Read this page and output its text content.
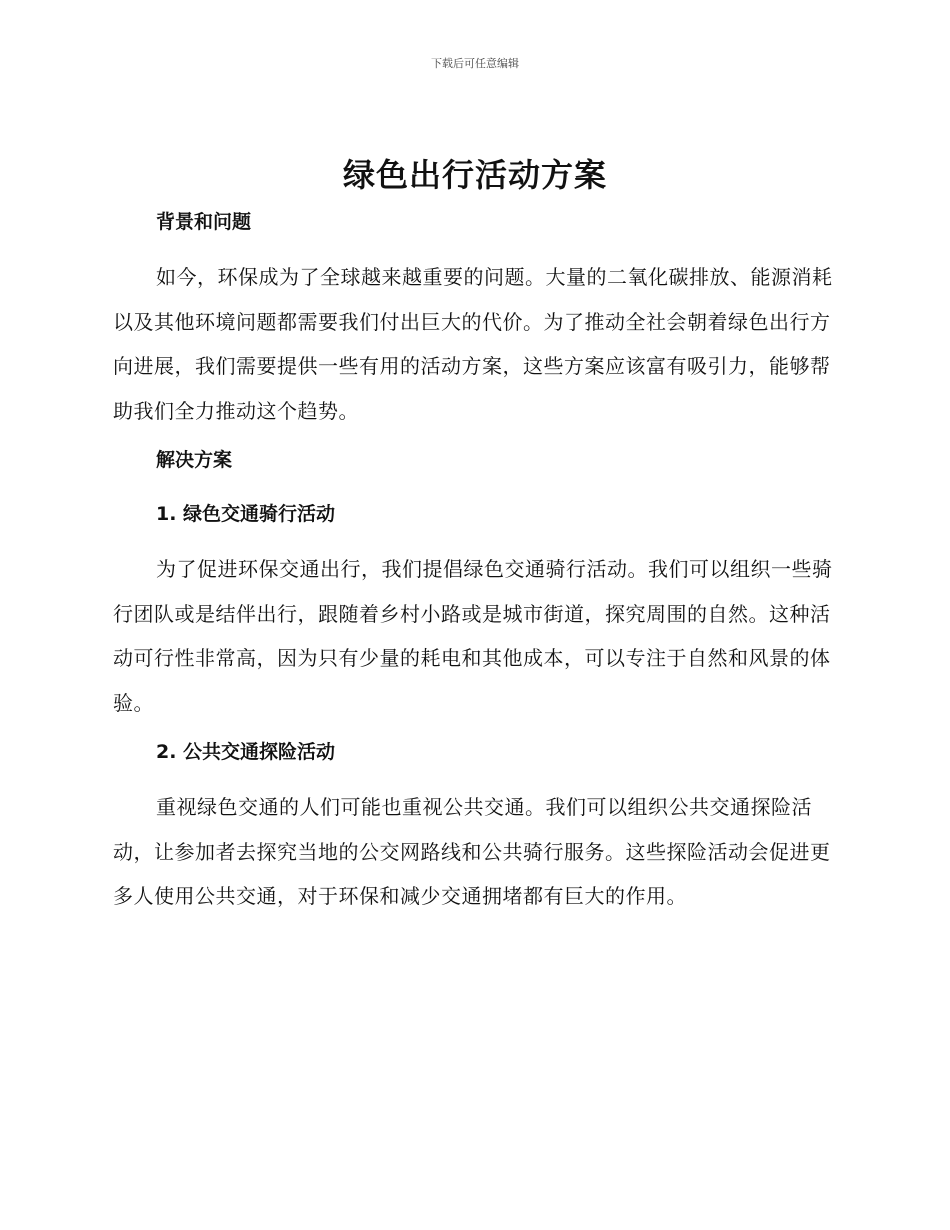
下载后可任意编辑
绿色出行活动方案
背景和问题

如今，环保成为了全球越来越重要的问题。大量的二氧化碳排放、能源消耗以及其他环境问题都需要我们付出巨大的代价。为了推动全社会朝着绿色出行方向进展，我们需要提供一些有用的活动方案，这些方案应该富有吸引力，能够帮助我们全力推动这个趋势。

解决方案
1. 绿色交通骑行活动

为了促进环保交通出行，我们提倡绿色交通骑行活动。我们可以组织一些骑行团队或是结伴出行，跟随着乡村小路或是城市街道，探究周围的自然。这种活动可行性非常高，因为只有少量的耗电和其他成本，可以专注于自然和风景的体验。

2. 公共交通探险活动

重视绿色交通的人们可能也重视公共交通。我们可以组织公共交通探险活动，让参加者去探究当地的公交网路线和公共骑行服务。这些探险活动会促进更多人使用公共交通，对于环保和减少交通拥堵都有巨大的作用。
